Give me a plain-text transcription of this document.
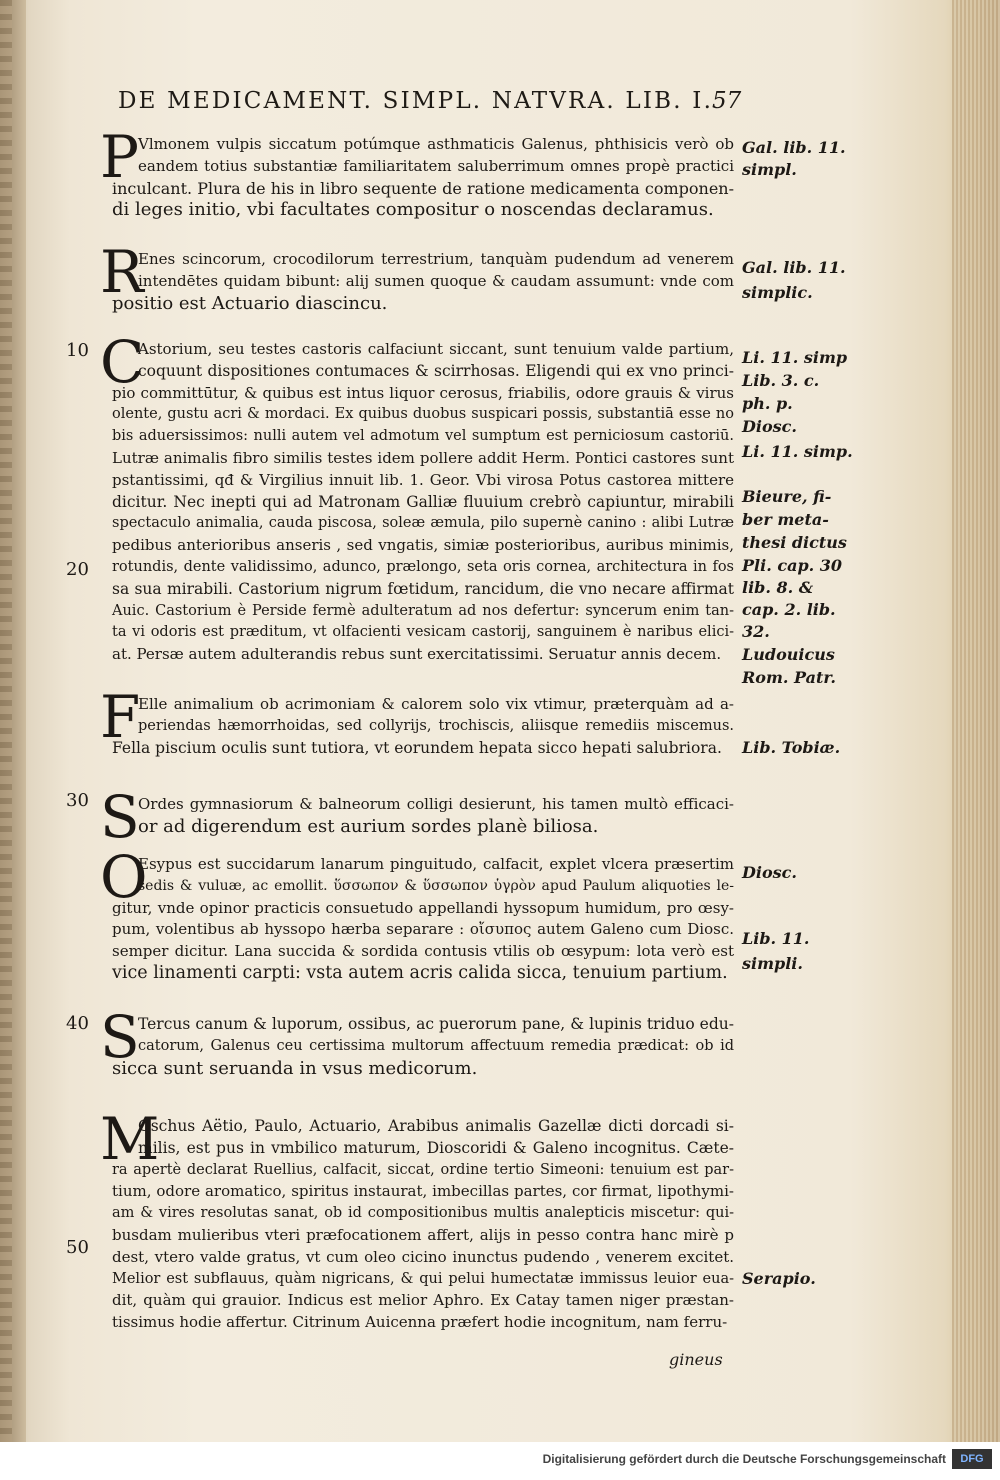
DE MEDICAMENT. SIMPL. NATVRA. LIB. I.
57
P
Vlmonem vulpis siccatum potúmque asthmaticis Galenus, phthisicis verò ob
eandem totius substantiæ familiaritatem saluberrimum omnes propè practici
inculcant. Plura de his in libro sequente de ratione medicamenta componen-
di leges initio, vbi facultates compositur o noscendas declaramus.
R
Enes scincorum, crocodilorum terrestrium, tanquàm pudendum ad venerem
intendētes quidam bibunt: alij sumen quoque & caudam assumunt: vnde com
positio est Actuario diascincu.
C
Astorium, seu testes castoris calfaciunt siccant, sunt tenuium valde partium,
coquunt dispositiones contumaces & scirrhosas. Eligendi qui ex vno princi-
pio committūtur, & quibus est intus liquor cerosus, friabilis, odore grauis & virus
olente, gustu acri & mordaci. Ex quibus duobus suspicari possis, substantiā esse no
bis aduersissimos: nulli autem vel admotum vel sumptum est perniciosum castoriū.
Lutræ animalis fibro similis testes idem pollere addit Herm. Pontici castores sunt
pstantissimi, qđ & Virgilius innuit lib. 1. Geor. Vbi virosa Potus castorea mittere
dicitur. Nec inepti qui ad Matronam Galliæ fluuium crebrò capiuntur, mirabili
spectaculo animalia, cauda piscosa, soleæ æmula, pilo supernè canino : alibi Lutræ
pedibus anterioribus anseris , sed vngatis, simiæ posterioribus, auribus minimis,
rotundis, dente validissimo, adunco, prælongo, seta oris cornea, architectura in fos
sa sua mirabili. Castorium nigrum fœtidum, rancidum, die vno necare affirmat
Auic. Castorium è Perside fermè adulteratum ad nos defertur: syncerum enim tan-
ta vi odoris est præditum, vt olfacienti vesicam castorij, sanguinem è naribus elici-
at. Persæ autem adulterandis rebus sunt exercitatissimi. Seruatur annis decem.
F
Elle animalium ob acrimoniam & calorem solo vix vtimur, præterquàm ad a-
periendas hæmorrhoidas, sed collyrijs, trochiscis, aliisque remediis miscemus.
Fella piscium oculis sunt tutiora, vt eorundem hepata sicco hepati salubriora.
S
Ordes gymnasiorum & balneorum colligi desierunt, his tamen multò efficaci-
or ad digerendum est aurium sordes planè biliosa.
O
Esypus est succidarum lanarum pinguitudo, calfacit, explet vlcera præsertim
sedis & vuluæ, ac emollit. ὕσσωπον & ὕσσωπον ὑγρὸν apud Paulum aliquoties le-
gitur, vnde opinor practicis consuetudo appellandi hyssopum humidum, pro œsy-
pum, volentibus ab hyssopo hærba separare : οἴσυπος autem Galeno cum Diosc.
semper dicitur. Lana succida & sordida contusis vtilis ob œsypum: lota verò est
vice linamenti carpti: vsta autem acris calida sicca, tenuium partium.
S
Tercus canum & luporum, ossibus, ac puerorum pane, & lupinis triduo edu-
catorum, Galenus ceu certissima multorum affectuum remedia prædicat: ob id
sicca sunt seruanda in vsus medicorum.
M
Oschus Aëtio, Paulo, Actuario, Arabibus animalis Gazellæ dicti dorcadi si-
milis, est pus in vmbilico maturum, Dioscoridi & Galeno incognitus. Cæte-
ra apertè declarat Ruellius, calfacit, siccat, ordine tertio Simeoni: tenuium est par-
tium, odore aromatico, spiritus instaurat, imbecillas partes, cor firmat, lipothymi-
am & vires resolutas sanat, ob id compositionibus multis analepticis miscetur: qui-
busdam mulieribus vteri præfocationem affert, alijs in pesso contra hanc mirè p
dest, vtero valde gratus, vt cum oleo cicino inunctus pudendo , venerem excitet.
Melior est subflauus, quàm nigricans, & qui pelui humectatæ immissus leuior eua-
dit, quàm qui grauior. Indicus est melior Aphro. Ex Catay tamen niger præstan-
tissimus hodie affertur. Citrinum Auicenna præfert hodie incognitum, nam ferru-
10
20
30
40
50
Gal. lib. 11.
simpl.
Gal. lib. 11.
simplic.
Li. 11. simp
Lib. 3. c.
ph. p.
Diosc.
Li. 11. simp.
Bieure, fi-
ber meta-
thesi dictus
Pli. cap. 30
lib. 8. &
cap. 2. lib.
32.
Ludouicus
Rom. Patr.
Lib. Tobiæ.
Diosc.
Lib. 11.
simpli.
Serapio.
gineus
Digitalisierung gefördert durch die Deutsche Forschungsgemeinschaft	DFG
